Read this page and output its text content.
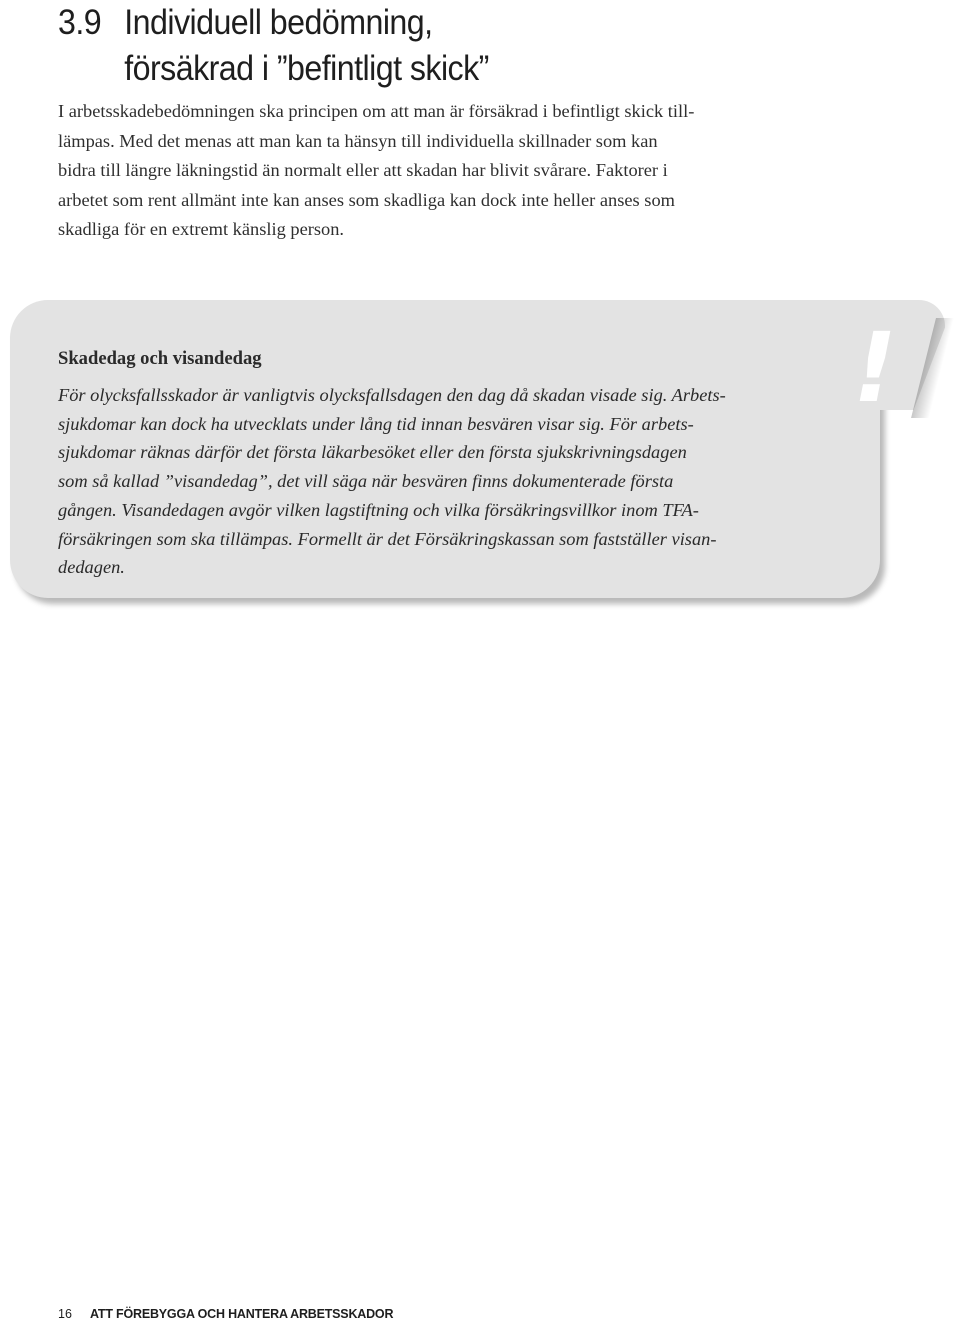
3.9 Individuell bedömning,
försäkrad i ”befintligt skick”
I arbetsskadebedömningen ska principen om att man är försäkrad i befintligt skick till-
lämpas. Med det menas att man kan ta hänsyn till individuella skillnader som kan
bidra till längre läkningstid än normalt eller att skadan har blivit svårare. Faktorer i
arbetet som rent allmänt inte kan anses som skadliga kan dock inte heller anses som
skadliga för en extremt känslig person.
!
Skadedag och visandedag
För olycksfallsskador är vanligtvis olycksfallsdagen den dag då skadan visade sig. Arbets-
sjukdomar kan dock ha utvecklats under lång tid innan besvären visar sig. För arbets-
sjukdomar räknas därför det första läkarbesöket eller den första sjukskrivningsdagen
som så kallad ”visandedag”, det vill säga när besvären finns dokumenterade första
gången. Visandedagen avgör vilken lagstiftning och vilka försäkringsvillkor inom TFA-
försäkringen som ska tillämpas. Formellt är det Försäkringskassan som fastställer visan-
dedagen.
16 ATT FÖREBYGGA OCH HANTERA ARBETSSKADOR
